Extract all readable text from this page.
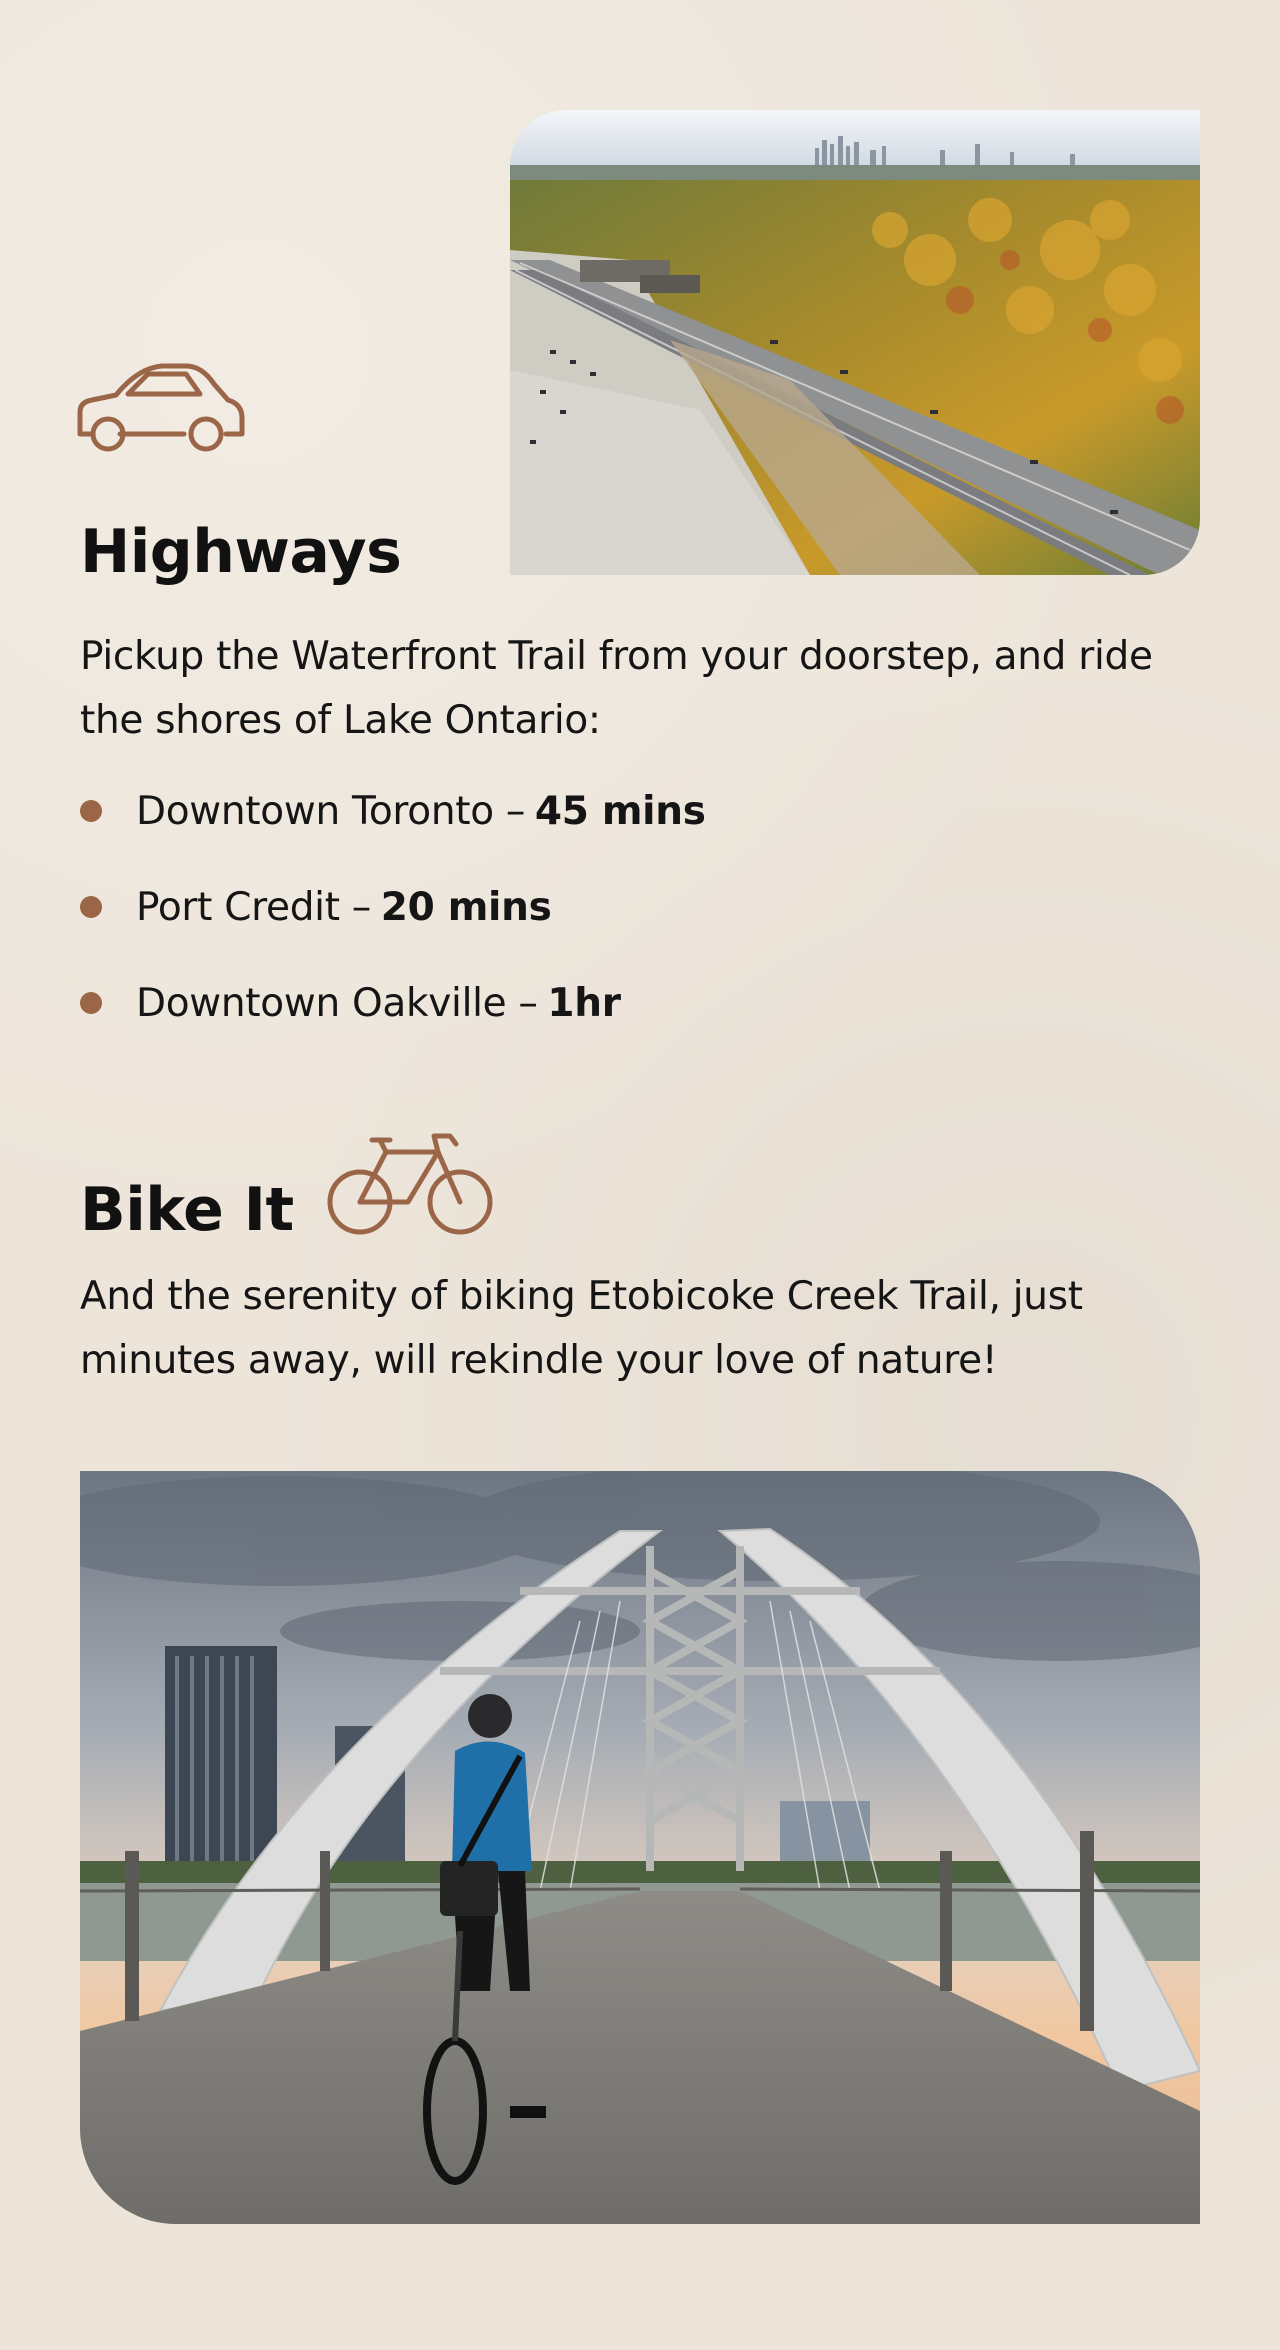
Highways

Pickup the Waterfront Trail from your doorstep, and ride the shores of Lake Ontario:

Downtown Toronto – 45 mins
Port Credit – 20 mins
Downtown Oakville – 1hr
Bike It

And the serenity of biking Etobicoke Creek Trail, just minutes away, will rekindle your love of nature!
